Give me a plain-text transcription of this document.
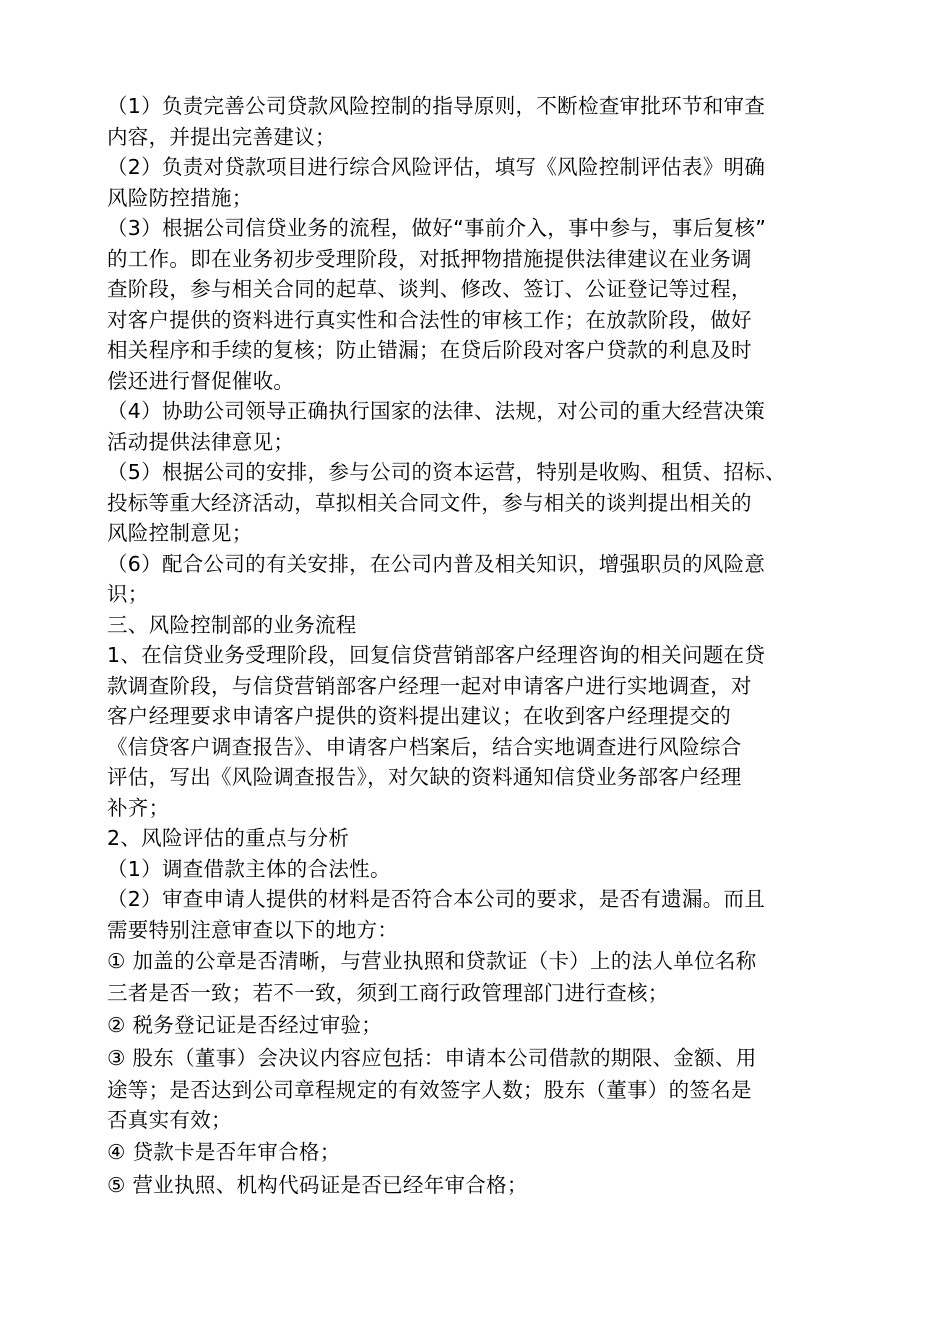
（1）负责完善公司贷款风险控制的指导原则，不断检查审批环节和审查
内容，并提出完善建议；
（2）负责对贷款项目进行综合风险评估，填写《风险控制评估表》明确
风险防控措施；
（3）根据公司信贷业务的流程，做好“事前介入，事中参与，事后复核”
的工作。即在业务初步受理阶段，对抵押物措施提供法律建议在业务调
查阶段，参与相关合同的起草、谈判、修改、签订、公证登记等过程，
对客户提供的资料进行真实性和合法性的审核工作；在放款阶段，做好
相关程序和手续的复核；防止错漏；在贷后阶段对客户贷款的利息及时
偿还进行督促催收。
（4）协助公司领导正确执行国家的法律、法规，对公司的重大经营决策
活动提供法律意见；
（5）根据公司的安排，参与公司的资本运营，特别是收购、租赁、招标、
投标等重大经济活动，草拟相关合同文件，参与相关的谈判提出相关的
风险控制意见；
（6）配合公司的有关安排，在公司内普及相关知识，增强职员的风险意
识；
三、风险控制部的业务流程
1、在信贷业务受理阶段，回复信贷营销部客户经理咨询的相关问题在贷
款调查阶段，与信贷营销部客户经理一起对申请客户进行实地调查，对
客户经理要求申请客户提供的资料提出建议；在收到客户经理提交的
《信贷客户调查报告》、申请客户档案后，结合实地调查进行风险综合
评估，写出《风险调查报告》，对欠缺的资料通知信贷业务部客户经理
补齐；
2、风险评估的重点与分析
（1）调查借款主体的合法性。
（2）审查申请人提供的材料是否符合本公司的要求，是否有遗漏。而且
需要特别注意审查以下的地方：
① 加盖的公章是否清晰，与营业执照和贷款证（卡）上的法人单位名称
三者是否一致；若不一致，须到工商行政管理部门进行查核；
② 税务登记证是否经过审验；
③ 股东（董事）会决议内容应包括：申请本公司借款的期限、金额、用
途等；是否达到公司章程规定的有效签字人数；股东（董事）的签名是
否真实有效；
④ 贷款卡是否年审合格；
⑤ 营业执照、机构代码证是否已经年审合格；
